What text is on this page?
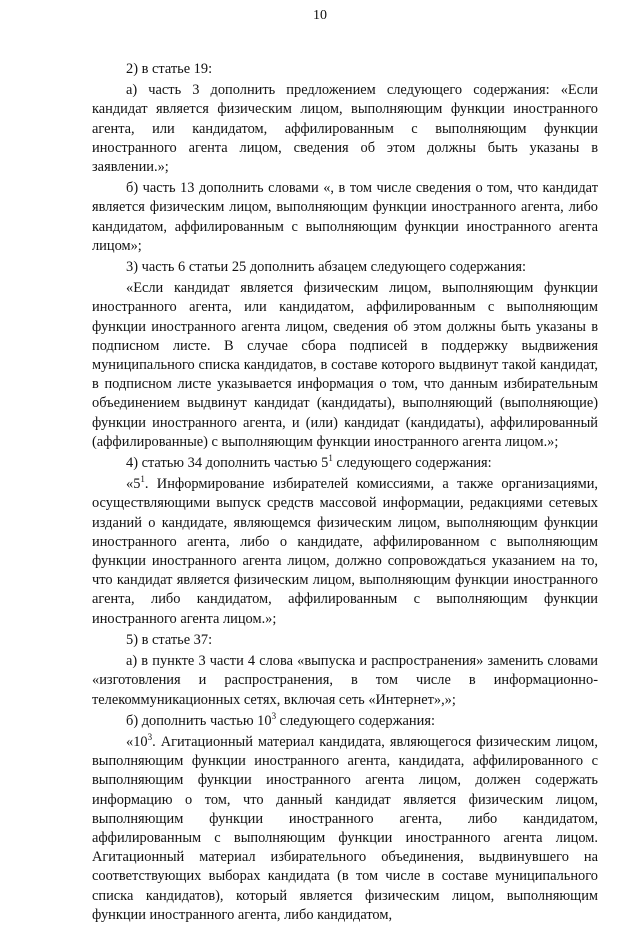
10

2) в статье 19:

а) часть 3 дополнить предложением следующего содержания: «Если кандидат является физическим лицом, выполняющим функции иностранного агента, или кандидатом, аффилированным с выполняющим функции иностранного агента лицом, сведения об этом должны быть указаны в заявлении.»;

б) часть 13 дополнить словами «, в том числе сведения о том, что кандидат является физическим лицом, выполняющим функции иностранного агента, либо кандидатом, аффилированным с выполняющим функции иностранного агента лицом»;

3) часть 6 статьи 25 дополнить абзацем следующего содержания:

«Если кандидат является физическим лицом, выполняющим функции иностранного агента, или кандидатом, аффилированным с выполняющим функции иностранного агента лицом, сведения об этом должны быть указаны в подписном листе. В случае сбора подписей в поддержку выдвижения муниципального списка кандидатов, в составе которого выдвинут такой кандидат, в подписном листе указывается информация о том, что данным избирательным объединением выдвинут кандидат (кандидаты), выполняющий (выполняющие) функции иностранного агента, и (или) кандидат (кандидаты), аффилированный (аффилированные) с выполняющим функции иностранного агента лицом.»;

4) статью 34 дополнить частью $5^1$ следующего содержания:

«$5^1$. Информирование избирателей комиссиями, а также организациями, осуществляющими выпуск средств массовой информации, редакциями сетевых изданий о кандидате, являющемся физическим лицом, выполняющим функции иностранного агента, либо о кандидате, аффилированном с выполняющим функции иностранного агента лицом, должно сопровождаться указанием на то, что кандидат является физическим лицом, выполняющим функции иностранного агента, либо кандидатом, аффилированным с выполняющим функции иностранного агента лицом.»;

5) в статье 37:

а) в пункте 3 части 4 слова «выпуска и распространения» заменить словами «изготовления и распространения, в том числе в информационно-телекоммуникационных сетях, включая сеть «Интернет»,»;

б) дополнить частью $10^3$ следующего содержания:

«$10^3$. Агитационный материал кандидата, являющегося физическим лицом, выполняющим функции иностранного агента, кандидата, аффилированного с выполняющим функции иностранного агента лицом, должен содержать информацию о том, что данный кандидат является физическим лицом, выполняющим функции иностранного агента, либо кандидатом, аффилированным с выполняющим функции иностранного агента лицом. Агитационный материал избирательного объединения, выдвинувшего на соответствующих выборах кандидата (в том числе в составе муниципального списка кандидатов), который является физическим лицом, выполняющим функции иностранного агента, либо кандидатом,
